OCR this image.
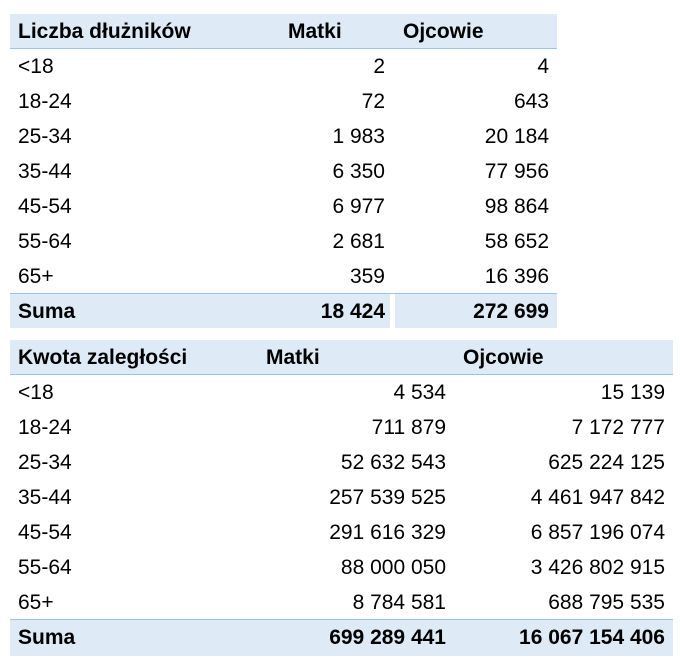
Liczba dłużników	Matki	Ojcowie
<18	2	4
18-24	72	643
25-34	1 983	20 184
35-44	6 350	77 956
45-54	6 977	98 864
55-64	2 681	58 652
65+	359	16 396
Suma	18 424	272 699
Kwota zaległości	Matki	Ojcowie
<18	4 534	15 139
18-24	711 879	7 172 777
25-34	52 632 543	625 224 125
35-44	257 539 525	4 461 947 842
45-54	291 616 329	6 857 196 074
55-64	88 000 050	3 426 802 915
65+	8 784 581	688 795 535
Suma	699 289 441	16 067 154 406
